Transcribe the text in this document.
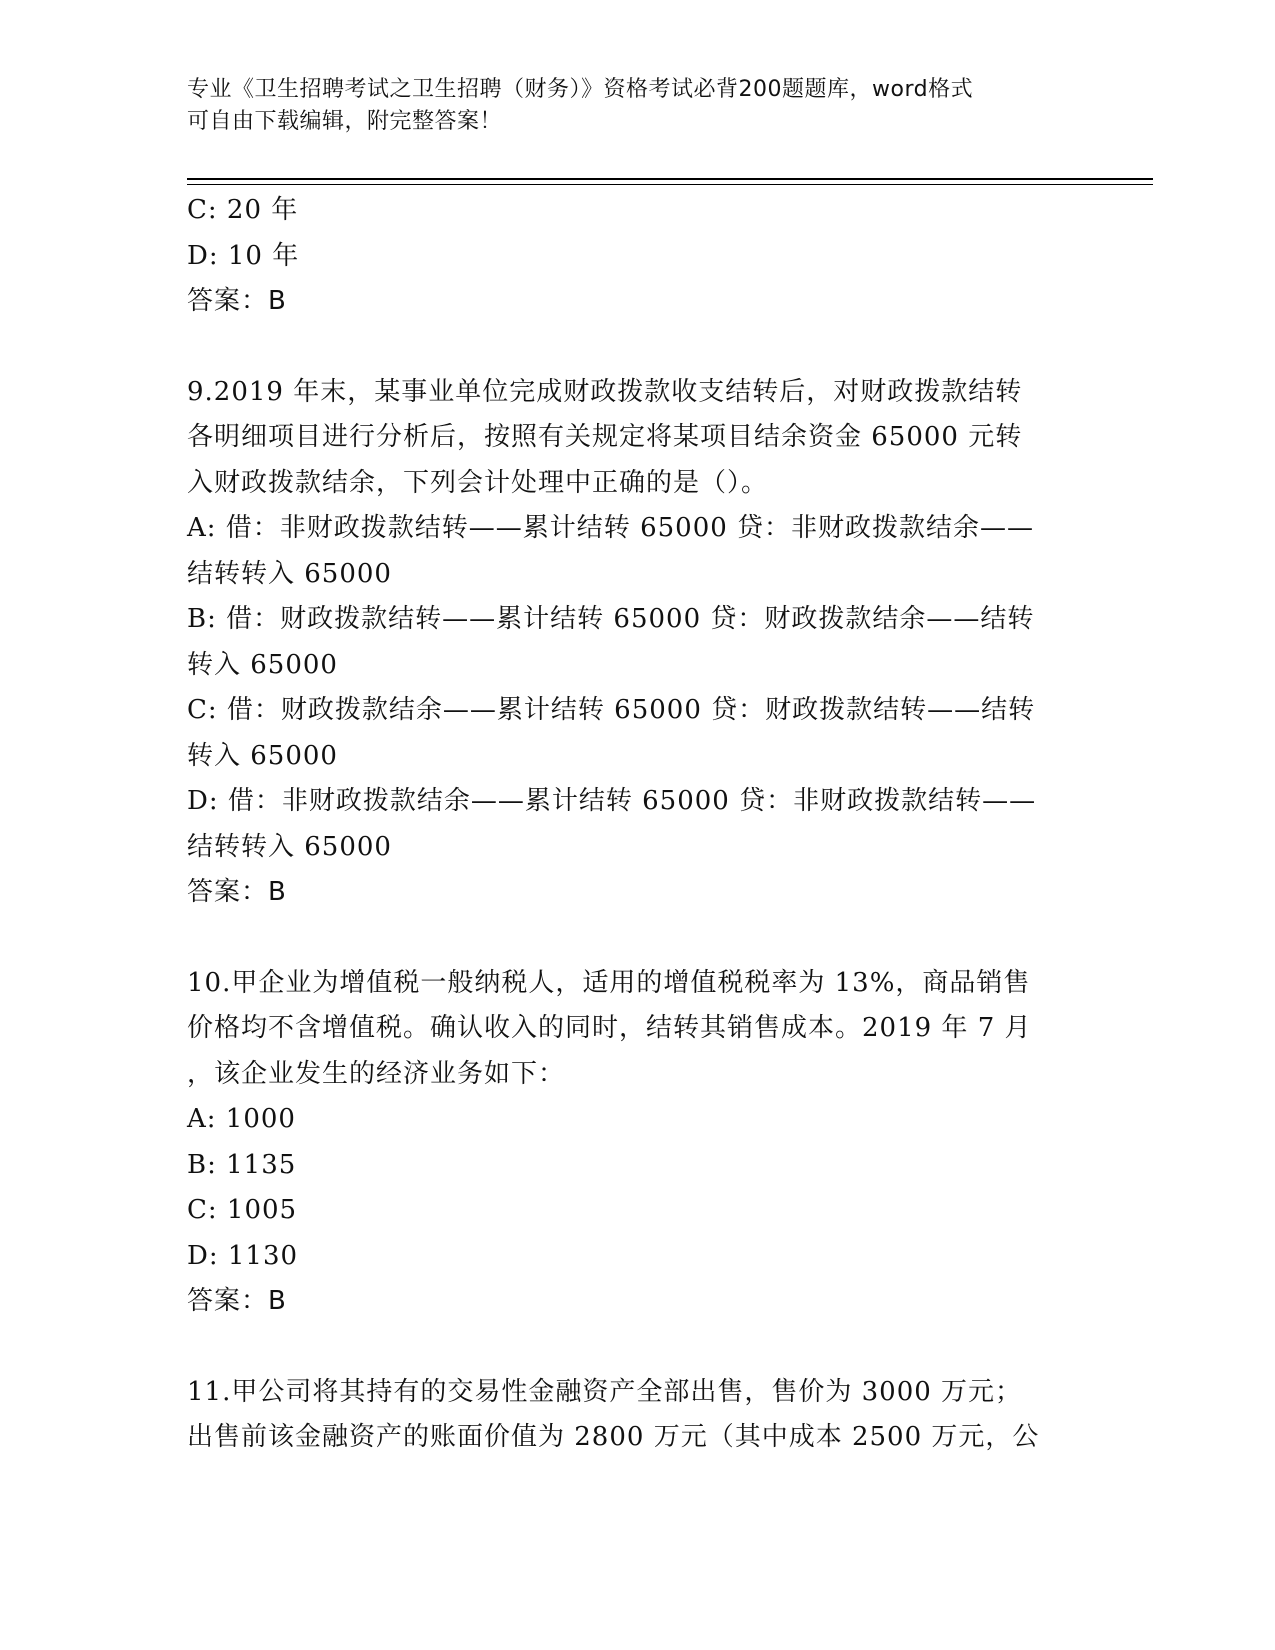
专业《卫生招聘考试之卫生招聘（财务）》资格考试必背200题题库，word格式
可自由下载编辑，附完整答案！
C: 20 年
D: 10 年
答案：B
9.2019 年末，某事业单位完成财政拨款收支结转后，对财政拨款结转
各明细项目进行分析后，按照有关规定将某项目结余资金 65000 元转
入财政拨款结余，下列会计处理中正确的是（）。
A: 借：非财政拨款结转——累计结转 65000 贷：非财政拨款结余——
结转转入 65000
B: 借：财政拨款结转——累计结转 65000 贷：财政拨款结余——结转
转入 65000
C: 借：财政拨款结余——累计结转 65000 贷：财政拨款结转——结转
转入 65000
D: 借：非财政拨款结余——累计结转 65000 贷：非财政拨款结转——
结转转入 65000
答案：B
10.甲企业为增值税一般纳税人，适用的增值税税率为 13%，商品销售
价格均不含增值税。确认收入的同时，结转其销售成本。2019 年 7 月
，该企业发生的经济业务如下：
A: 1000
B: 1135
C: 1005
D: 1130
答案：B
11.甲公司将其持有的交易性金融资产全部出售，售价为 3000 万元；
出售前该金融资产的账面价值为 2800 万元（其中成本 2500 万元，公
